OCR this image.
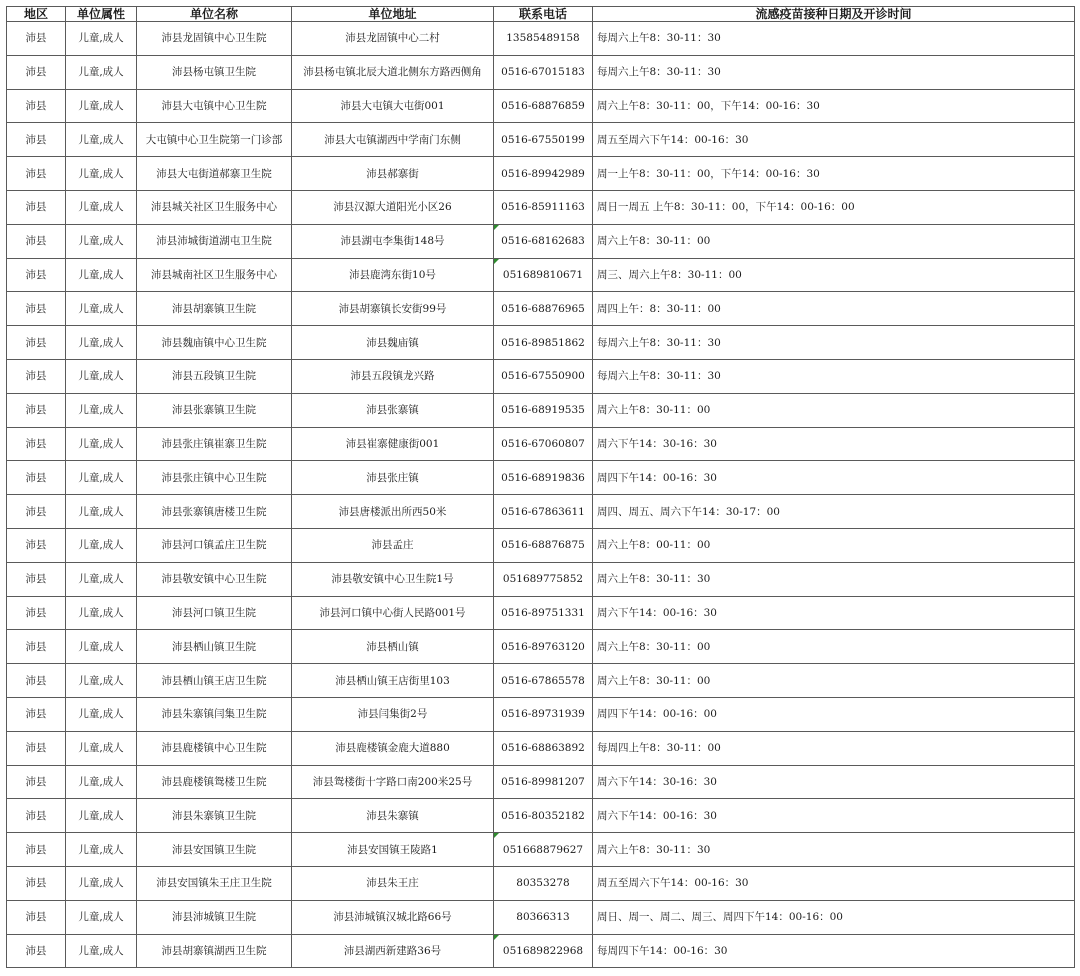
地区	单位属性	单位名称	单位地址	联系电话	流感疫苗接种日期及开诊时间
沛县	儿童,成人	沛县龙固镇中心卫生院	沛县龙固镇中心二村	13585489158	每周六上午8：30-11：30
沛县	儿童,成人	沛县杨屯镇卫生院	沛县杨屯镇北辰大道北侧东方路西侧角	0516-67015183	每周六上午8：30-11：30
沛县	儿童,成人	沛县大屯镇中心卫生院	沛县大屯镇大屯街001	0516-68876859	周六上午8：30-11：00，下午14：00-16：30
沛县	儿童,成人	大屯镇中心卫生院第一门诊部	沛县大屯镇湖西中学南门东侧	0516-67550199	周五至周六下午14：00-16：30
沛县	儿童,成人	沛县大屯街道郝寨卫生院	沛县郝寨街	0516-89942989	周一上午8：30-11：00，下午14：00-16：30
沛县	儿童,成人	沛县城关社区卫生服务中心	沛县汉源大道阳光小区26	0516-85911163	周日一周五 上午8：30-11：00，下午14：00-16：00
沛县	儿童,成人	沛县沛城街道湖屯卫生院	沛县湖屯李集街148号	0516-68162683	周六上午8：30-11：00
沛县	儿童,成人	沛县城南社区卫生服务中心	沛县鹿湾东街10号	051689810671	周三、周六上午8：30-11：00
沛县	儿童,成人	沛县胡寨镇卫生院	沛县胡寨镇长安街99号	0516-68876965	周四上午：8：30-11：00
沛县	儿童,成人	沛县魏庙镇中心卫生院	沛县魏庙镇	0516-89851862	每周六上午8：30-11：30
沛县	儿童,成人	沛县五段镇卫生院	沛县五段镇龙兴路	0516-67550900	每周六上午8：30-11：30
沛县	儿童,成人	沛县张寨镇卫生院	沛县张寨镇	0516-68919535	周六上午8：30-11：00
沛县	儿童,成人	沛县张庄镇崔寨卫生院	沛县崔寨健康街001	0516-67060807	周六下午14：30-16：30
沛县	儿童,成人	沛县张庄镇中心卫生院	沛县张庄镇	0516-68919836	周四下午14：00-16：30
沛县	儿童,成人	沛县张寨镇唐楼卫生院	沛县唐楼派出所西50米	0516-67863611	周四、周五、周六下午14：30-17：00
沛县	儿童,成人	沛县河口镇孟庄卫生院	沛县孟庄	0516-68876875	周六上午8：00-11：00
沛县	儿童,成人	沛县敬安镇中心卫生院	沛县敬安镇中心卫生院1号	051689775852	周六上午8：30-11：30
沛县	儿童,成人	沛县河口镇卫生院	沛县河口镇中心街人民路001号	0516-89751331	周六下午14：00-16：30
沛县	儿童,成人	沛县栖山镇卫生院	沛县栖山镇	0516-89763120	周六上午8：30-11：00
沛县	儿童,成人	沛县栖山镇王店卫生院	沛县栖山镇王店街里103	0516-67865578	周六上午8：30-11：00
沛县	儿童,成人	沛县朱寨镇闫集卫生院	沛县闫集街2号	0516-89731939	周四下午14：00-16：00
沛县	儿童,成人	沛县鹿楼镇中心卫生院	沛县鹿楼镇金鹿大道880	0516-68863892	每周四上午8：30-11：00
沛县	儿童,成人	沛县鹿楼镇鸳楼卫生院	沛县鸳楼街十字路口南200米25号	0516-89981207	周六下午14：30-16：30
沛县	儿童,成人	沛县朱寨镇卫生院	沛县朱寨镇	0516-80352182	周六下午14：00-16：30
沛县	儿童,成人	沛县安国镇卫生院	沛县安国镇王陵路1	051668879627	周六上午8：30-11：30
沛县	儿童,成人	沛县安国镇朱王庄卫生院	沛县朱王庄	80353278	周五至周六下午14：00-16：30
沛县	儿童,成人	沛县沛城镇卫生院	沛县沛城镇汉城北路66号	80366313	周日、周一、周二、周三、周四下午14：00-16：00
沛县	儿童,成人	沛县胡寨镇湖西卫生院	沛县湖西新建路36号	051689822968	每周四下午14：00-16：30
